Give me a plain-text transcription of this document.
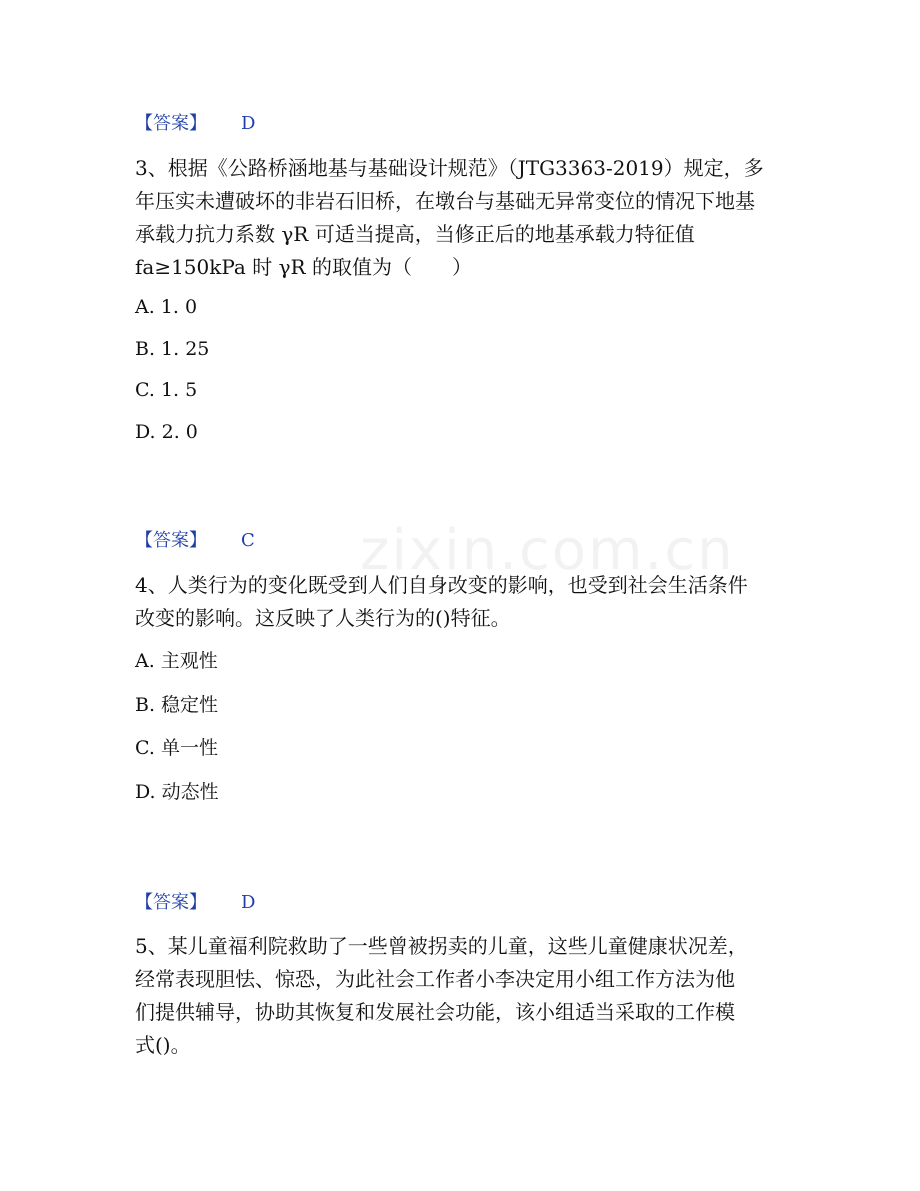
zixin.com.cn
【答案】 D
3、根据《公路桥涵地基与基础设计规范》（JTG3363-2019）规定，多
年压实未遭破坏的非岩石旧桥，在墩台与基础无异常变位的情况下地基
承载力抗力系数 γR 可适当提高，当修正后的地基承载力特征值
fa≥150kPa 时 γR 的取值为（　　）
A. 1. 0
B. 1. 25
C. 1. 5
D. 2. 0
【答案】 C
4、人类行为的变化既受到人们自身改变的影响，也受到社会生活条件
改变的影响。这反映了人类行为的()特征。
A. 主观性
B. 稳定性
C. 单一性
D. 动态性
【答案】 D
5、某儿童福利院救助了一些曾被拐卖的儿童，这些儿童健康状况差，
经常表现胆怯、惊恐，为此社会工作者小李决定用小组工作方法为他
们提供辅导，协助其恢复和发展社会功能，该小组适当采取的工作模
式()。
